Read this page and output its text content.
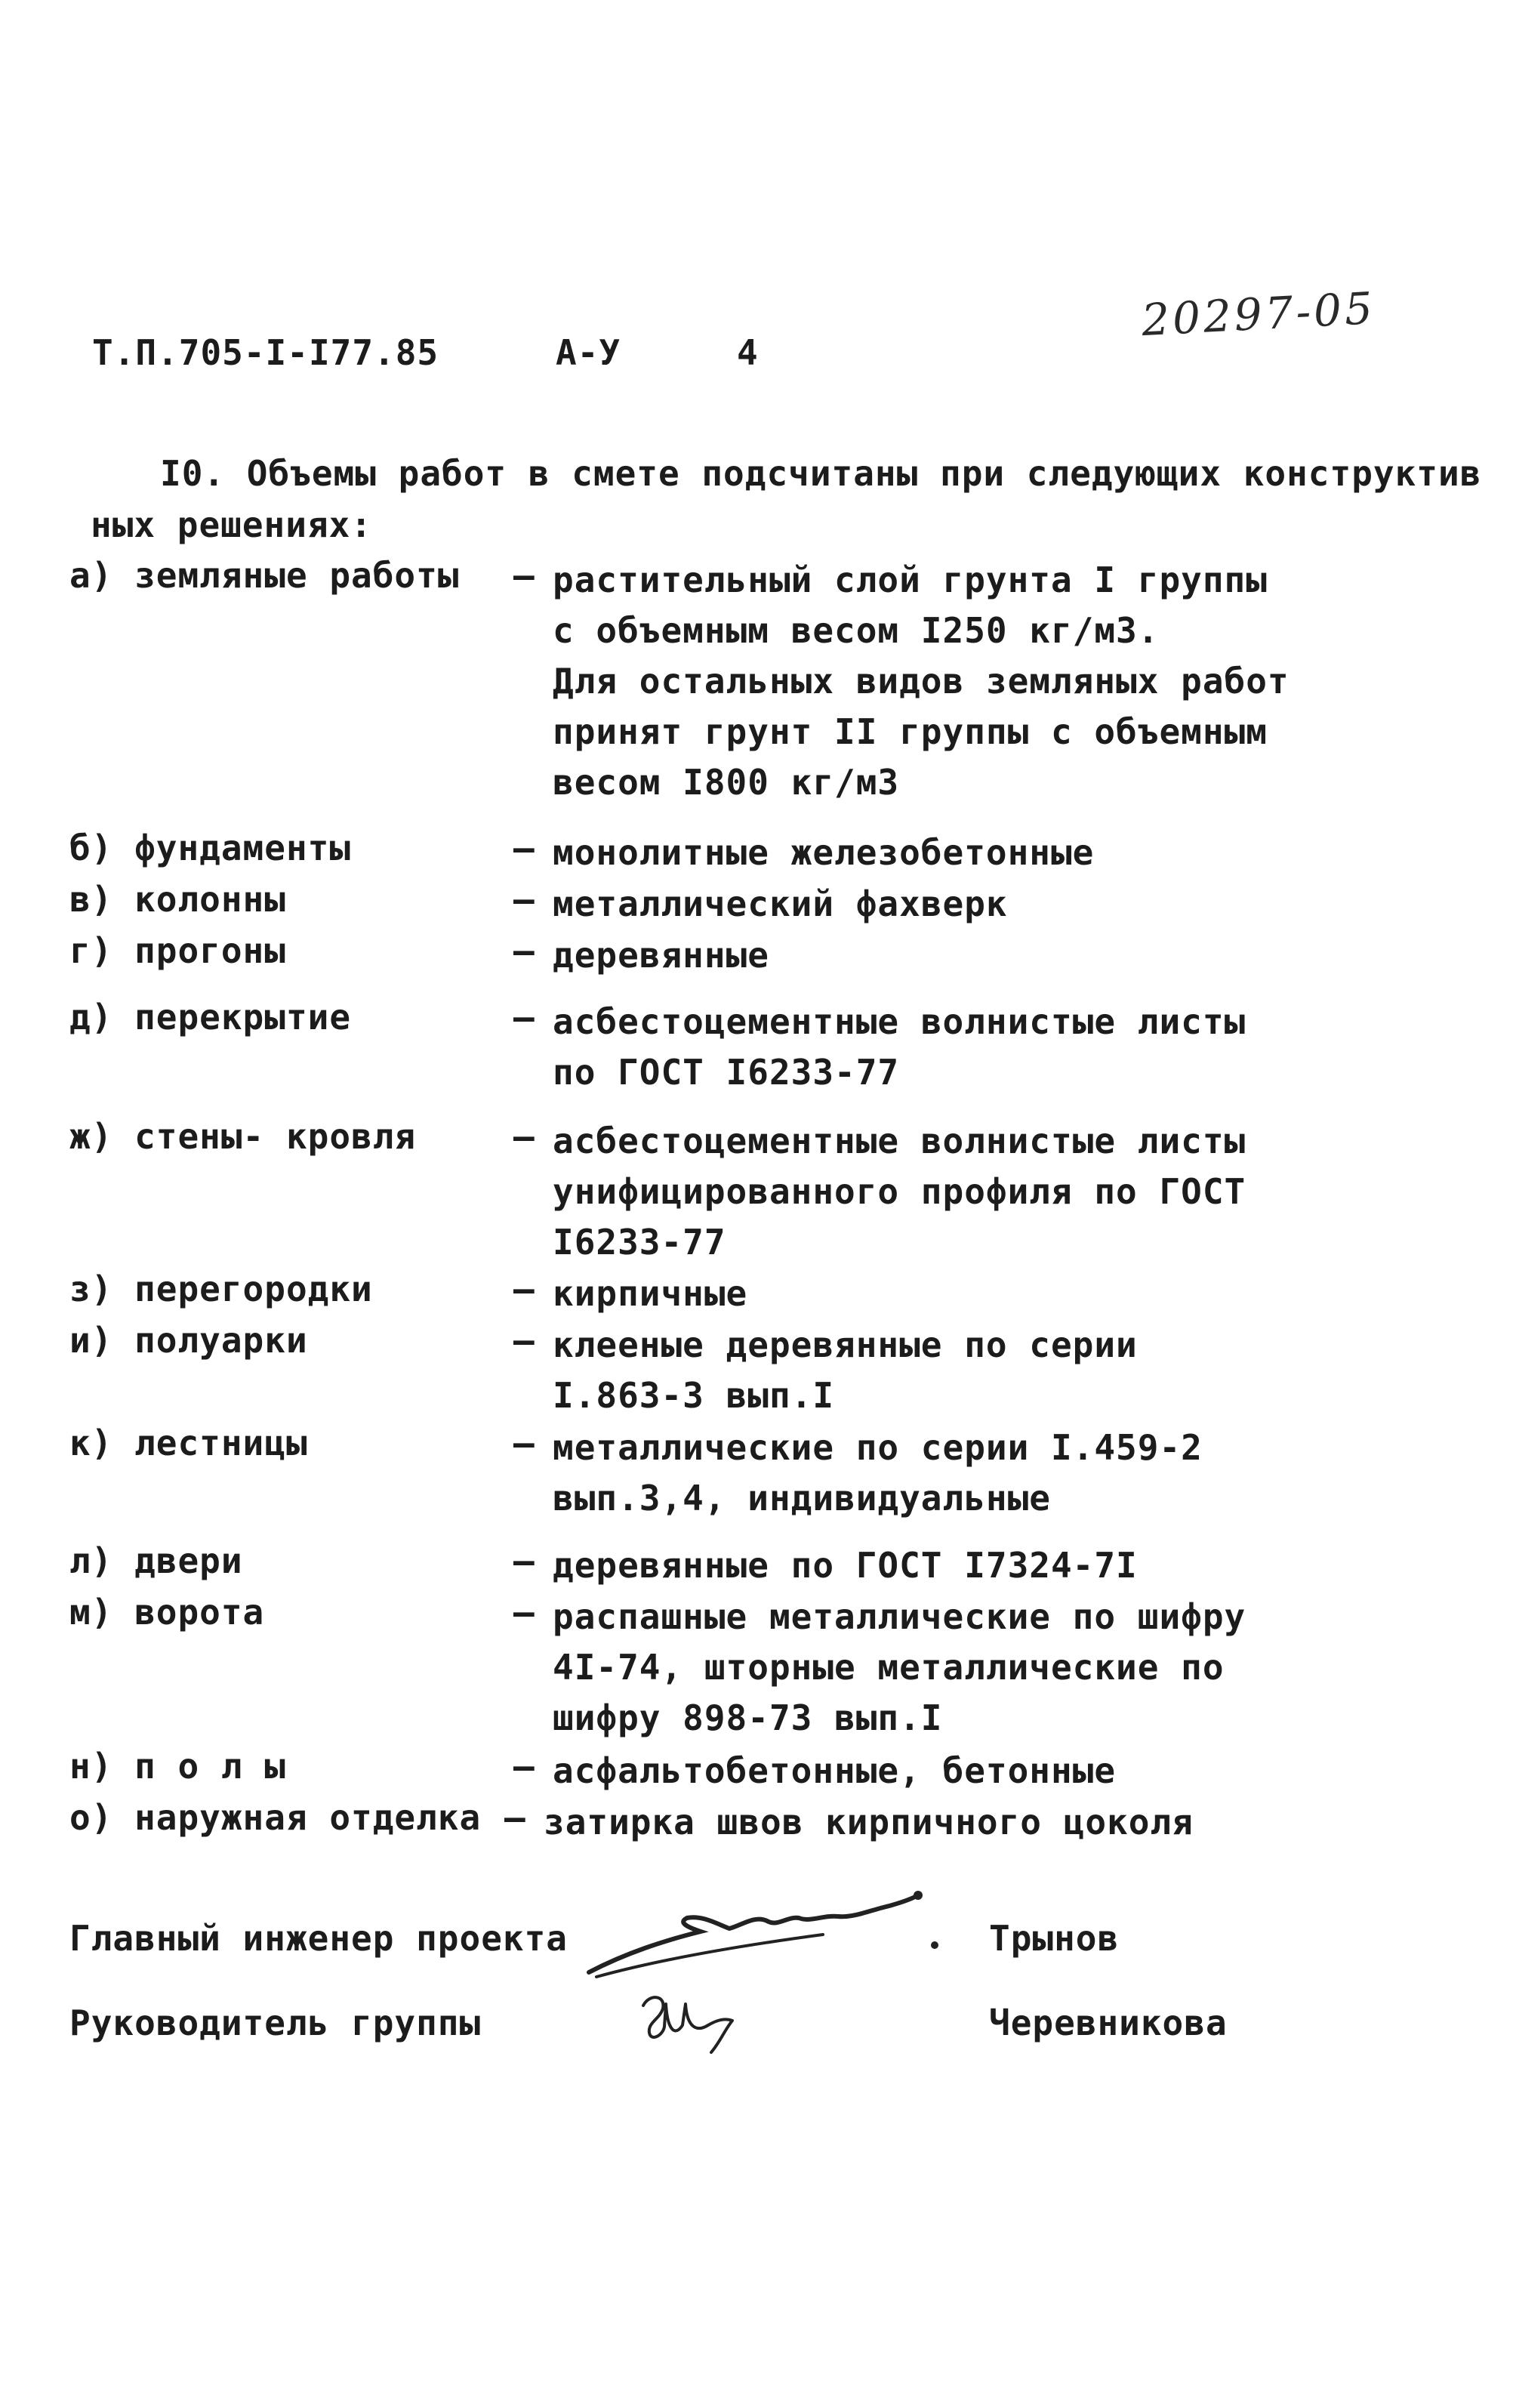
20297-05
Т.П.705-I-I77.85	А-У	4
I0. Объемы работ в смете подсчитаны при следующих конструктив
ных решениях:
а) земляные работы – растительный слой грунта I группы
с объемным весом I250 кг/м3.
Для остальных видов земляных работ
принят грунт II группы с объемным
весом I800 кг/м3
б) фундаменты	– монолитные железобетонные
в) колонны	– металлический фахверк
г) прогоны	– деревянные
д) перекрытие	– асбестоцементные волнистые листы
по ГОСТ I6233-77
ж) стены- кровля	– асбестоцементные волнистые листы
унифицированного профиля по ГОСТ
I6233-77
з) перегородки	– кирпичные
и) полуарки	– клееные деревянные по серии
I.863-3 вып.I
к) лестницы	– металлические по серии I.459-2
вып.3,4, индивидуальные
л) двери	– деревянные по ГОСТ I7324-7I
м) ворота	– распашные металлические по шифру
4I-74, шторные металлические по
шифру 898-73 вып.I
н) п о л ы	– асфальтобетонные, бетонные
о) наружная отделка – затирка швов кирпичного цоколя
Главный инженер проекта	Трынов
Руководитель группы	Черевникова
